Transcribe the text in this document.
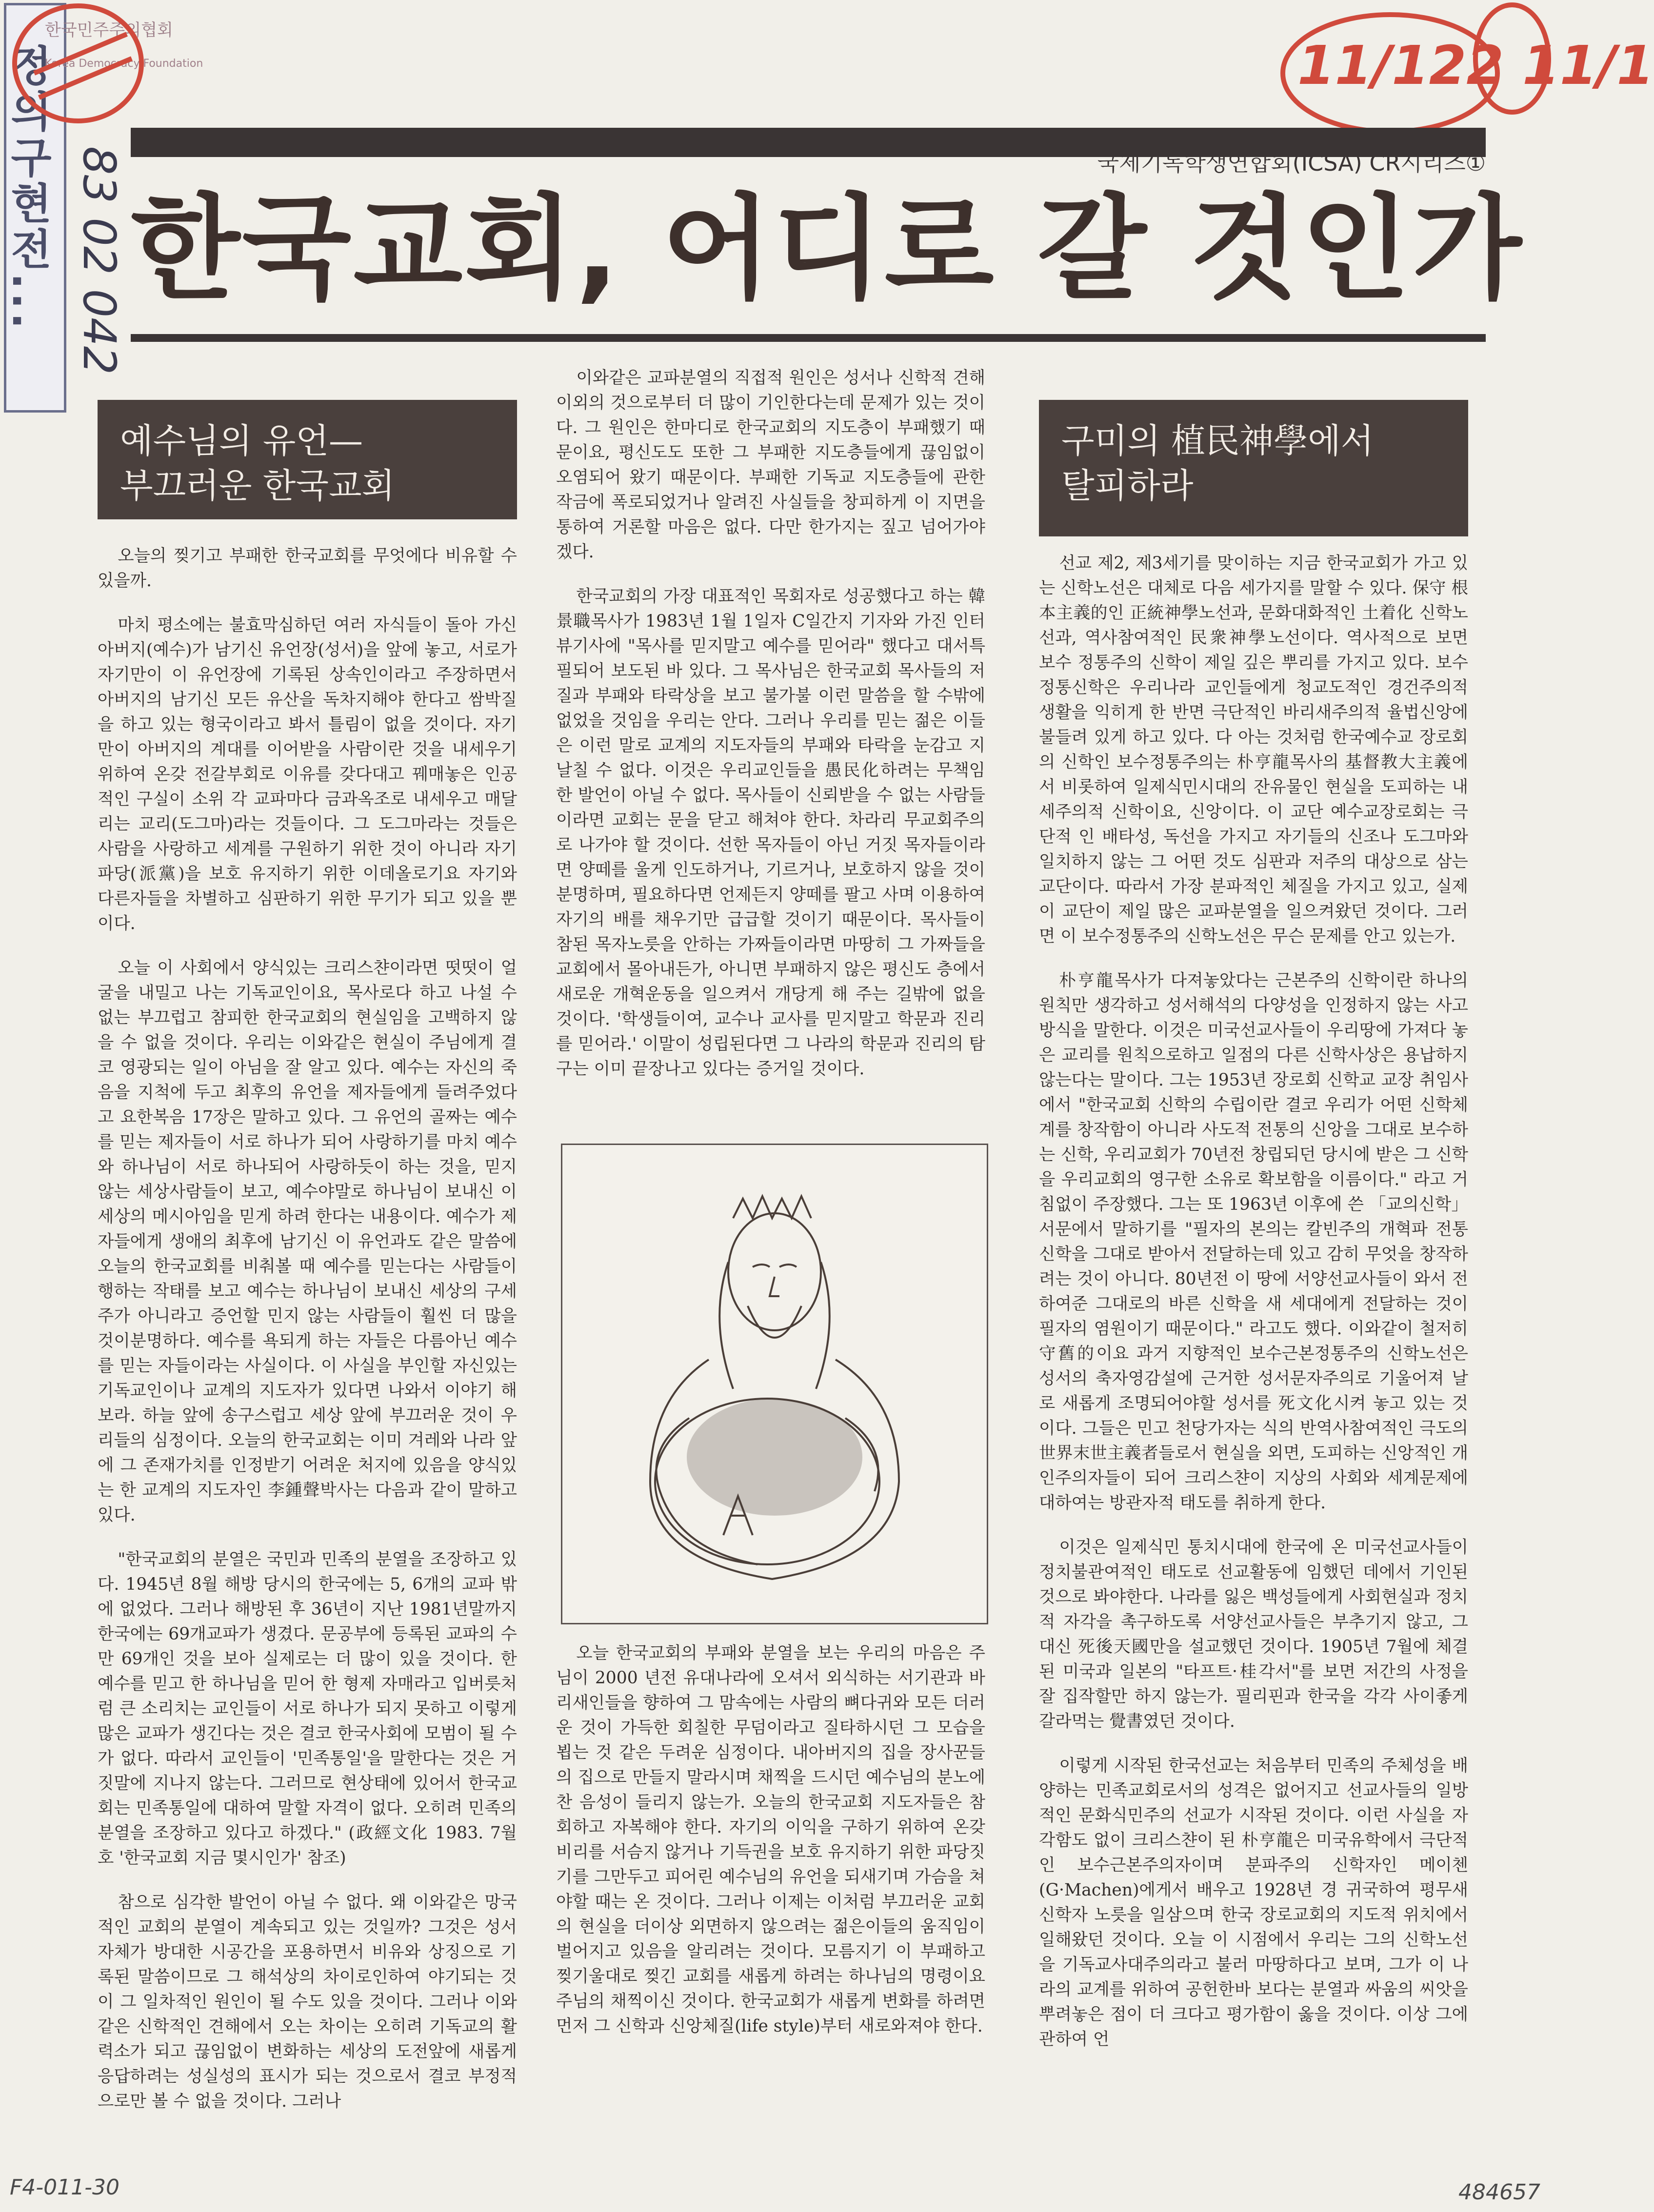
정의구현전... 83 02 042
한국민주주의협회
Korea Democracy Foundation	11/122 11/1
국제기독학생연합회(ICSA) CR시리즈①
한국교회, 어디로 갈 것인가
예수님의 유언—
부끄러운 한국교회

오늘의 찢기고 부패한 한국교회를 무엇에다 비유할 수 있을까.

마치 평소에는 불효막심하던 여러 자식들이 돌아 가신 아버지(예수)가 남기신 유언장(성서)을 앞에 놓고, 서로가 자기만이 이 유언장에 기록된 상속인이라고 주장하면서 아버지의 남기신 모든 유산을 독차지해야 한다고 쌈박질을 하고 있는 형국이라고 봐서 틀림이 없을 것이다. 자기만이 아버지의 계대를 이어받을 사람이란 것을 내세우기 위하여 온갖 전갈부회로 이유를 갖다대고 꿰매놓은 인공적인 구실이 소위 각 교파마다 금과옥조로 내세우고 매달리는 교리(도그마)라는 것들이다. 그 도그마라는 것들은 사람을 사랑하고 세계를 구원하기 위한 것이 아니라 자기파당(派黨)을 보호 유지하기 위한 이데올로기요 자기와 다른자들을 차별하고 심판하기 위한 무기가 되고 있을 뿐이다.

오늘 이 사회에서 양식있는 크리스챤이라면 떳떳이 얼굴을 내밀고 나는 기독교인이요, 목사로다 하고 나설 수 없는 부끄럽고 참피한 한국교회의 현실임을 고백하지 않을 수 없을 것이다. 우리는 이와같은 현실이 주님에게 결코 영광되는 일이 아님을 잘 알고 있다. 예수는 자신의 죽음을 지척에 두고 최후의 유언을 제자들에게 들려주었다고 요한복음 17장은 말하고 있다. 그 유언의 골짜는 예수를 믿는 제자들이 서로 하나가 되어 사랑하기를 마치 예수와 하나님이 서로 하나되어 사랑하듯이 하는 것을, 믿지 않는 세상사람들이 보고, 예수야말로 하나님이 보내신 이 세상의 메시아임을 믿게 하려 한다는 내용이다. 예수가 제자들에게 생애의 최후에 남기신 이 유언과도 같은 말씀에 오늘의 한국교회를 비춰볼 때 예수를 믿는다는 사람들이 행하는 작태를 보고 예수는 하나님이 보내신 세상의 구세주가 아니라고 증언할 민지 않는 사람들이 훨씬 더 많을 것이분명하다. 예수를 욕되게 하는 자들은 다름아닌 예수를 믿는 자들이라는 사실이다. 이 사실을 부인할 자신있는 기독교인이나 교계의 지도자가 있다면 나와서 이야기 해보라. 하늘 앞에 송구스럽고 세상 앞에 부끄러운 것이 우리들의 심정이다. 오늘의 한국교회는 이미 겨레와 나라 앞에 그 존재가치를 인정받기 어려운 처지에 있음을 양식있는 한 교계의 지도자인 李鍾聲박사는 다음과 같이 말하고 있다.

"한국교회의 분열은 국민과 민족의 분열을 조장하고 있다. 1945년 8월 해방 당시의 한국에는 5, 6개의 교파 밖에 없었다. 그러나 해방된 후 36년이 지난 1981년말까지 한국에는 69개교파가 생겼다. 문공부에 등록된 교파의 수만 69개인 것을 보아 실제로는 더 많이 있을 것이다. 한 예수를 믿고 한 하나님을 믿어 한 형제 자매라고 입버릇처럼 큰 소리치는 교인들이 서로 하나가 되지 못하고 이렇게 많은 교파가 생긴다는 것은 결코 한국사회에 모범이 될 수가 없다. 따라서 교인들이 '민족통일'을 말한다는 것은 거짓말에 지나지 않는다. 그러므로 현상태에 있어서 한국교회는 민족통일에 대하여 말할 자격이 없다. 오히려 민족의 분열을 조장하고 있다고 하겠다." (政經文化 1983. 7월호 '한국교회 지금 몇시인가' 참조)

참으로 심각한 발언이 아닐 수 없다. 왜 이와같은 망국적인 교회의 분열이 계속되고 있는 것일까? 그것은 성서자체가 방대한 시공간을 포용하면서 비유와 상징으로 기록된 말씀이므로 그 해석상의 차이로인하여 야기되는 것이 그 일차적인 원인이 될 수도 있을 것이다. 그러나 이와같은 신학적인 견해에서 오는 차이는 오히려 기독교의 활력소가 되고 끊임없이 변화하는 세상의 도전앞에 새롭게 응답하려는 성실성의 표시가 되는 것으로서 결코 부정적으로만 볼 수 없을 것이다. 그러나

이와같은 교파분열의 직접적 원인은 성서나 신학적 견해 이외의 것으로부터 더 많이 기인한다는데 문제가 있는 것이다. 그 원인은 한마디로 한국교회의 지도층이 부패했기 때문이요, 평신도도 또한 그 부패한 지도층들에게 끊임없이 오염되어 왔기 때문이다. 부패한 기독교 지도층들에 관한 작금에 폭로되었거나 알려진 사실들을 창피하게 이 지면을 통하여 거론할 마음은 없다. 다만 한가지는 짚고 넘어가야겠다.

한국교회의 가장 대표적인 목회자로 성공했다고 하는 韓景職목사가 1983년 1월 1일자 C일간지 기자와 가진 인터뷰기사에 "목사를 믿지말고 예수를 믿어라" 했다고 대서특필되어 보도된 바 있다. 그 목사님은 한국교회 목사들의 저질과 부패와 타락상을 보고 불가불 이런 말씀을 할 수밖에 없었을 것임을 우리는 안다. 그러나 우리를 믿는 젊은 이들은 이런 말로 교계의 지도자들의 부패와 타락을 눈감고 지날칠 수 없다. 이것은 우리교인들을 愚民化하려는 무책임한 발언이 아닐 수 없다. 목사들이 신뢰받을 수 없는 사람들이라면 교회는 문을 닫고 해쳐야 한다. 차라리 무교회주의로 나가야 할 것이다. 선한 목자들이 아닌 거짓 목자들이라면 양떼를 울게 인도하거나, 기르거나, 보호하지 않을 것이 분명하며, 필요하다면 언제든지 양떼를 팔고 사며 이용하여 자기의 배를 채우기만 급급할 것이기 때문이다. 목사들이 참된 목자노릇을 안하는 가짜들이라면 마땅히 그 가짜들을 교회에서 몰아내든가, 아니면 부패하지 않은 평신도 층에서 새로운 개혁운동을 일으켜서 개당게 해 주는 길밖에 없을 것이다. '학생들이여, 교수나 교사를 믿지말고 학문과 진리를 믿어라.' 이말이 성립된다면 그 나라의 학문과 진리의 탐구는 이미 끝장나고 있다는 증거일 것이다.

오늘 한국교회의 부패와 분열을 보는 우리의 마음은 주님이 2000 년전 유대나라에 오셔서 외식하는 서기관과 바리새인들을 향하여 그 맘속에는 사람의 뼈다귀와 모든 더러운 것이 가득한 회칠한 무덤이라고 질타하시던 그 모습을 뵙는 것 같은 두려운 심정이다. 내아버지의 집을 장사꾼들의 집으로 만들지 말라시며 채찍을 드시던 예수님의 분노에 찬 음성이 들리지 않는가. 오늘의 한국교회 지도자들은 참회하고 자복해야 한다. 자기의 이익을 구하기 위하여 온갖 비리를 서슴지 않거나 기득권을 보호 유지하기 위한 파당짓기를 그만두고 피어린 예수님의 유언을 되새기며 가슴을 쳐야할 때는 온 것이다. 그러나 이제는 이처럼 부끄러운 교회의 현실을 더이상 외면하지 않으려는 젊은이들의 움직임이 벌어지고 있음을 알리려는 것이다. 모름지기 이 부패하고 찢기울대로 찢긴 교회를 새롭게 하려는 하나님의 명령이요 주님의 채찍이신 것이다. 한국교회가 새롭게 변화를 하려면 먼저 그 신학과 신앙체질(life style)부터 새로와져야 한다.

구미의 植民神學에서
탈피하라

선교 제2, 제3세기를 맞이하는 지금 한국교회가 가고 있는 신학노선은 대체로 다음 세가지를 말할 수 있다. 保守 根本主義的인 正統神學노선과, 문화대화적인 土着化 신학노선과, 역사참여적인 民衆神學노선이다. 역사적으로 보면 보수 정통주의 신학이 제일 깊은 뿌리를 가지고 있다. 보수정통신학은 우리나라 교인들에게 청교도적인 경건주의적 생활을 익히게 한 반면 극단적인 바리새주의적 율법신앙에 불들려 있게 하고 있다. 다 아는 것처럼 한국예수교 장로회의 신학인 보수정통주의는 朴亨龍목사의 基督教大主義에서 비롯하여 일제식민시대의 잔유물인 현실을 도피하는 내세주의적 신학이요, 신앙이다. 이 교단 예수교장로회는 극단적 인 배타성, 독선을 가지고 자기들의 신조나 도그마와 일치하지 않는 그 어떤 것도 심판과 저주의 대상으로 삼는 교단이다. 따라서 가장 분파적인 체질을 가지고 있고, 실제 이 교단이 제일 많은 교파분열을 일으켜왔던 것이다. 그러면 이 보수정통주의 신학노선은 무슨 문제를 안고 있는가.

朴亨龍목사가 다져놓았다는 근본주의 신학이란 하나의 원칙만 생각하고 성서해석의 다양성을 인정하지 않는 사고방식을 말한다. 이것은 미국선교사들이 우리땅에 가져다 놓은 교리를 원칙으로하고 일점의 다른 신학사상은 용납하지 않는다는 말이다. 그는 1953년 장로회 신학교 교장 취임사에서 "한국교회 신학의 수립이란 결코 우리가 어떤 신학체계를 창작함이 아니라 사도적 전통의 신앙을 그대로 보수하는 신학, 우리교회가 70년전 창립되던 당시에 받은 그 신학을 우리교회의 영구한 소유로 확보함을 이름이다." 라고 거침없이 주장했다. 그는 또 1963년 이후에 쓴 「교의신학」서문에서 말하기를 "필자의 본의는 칼빈주의 개혁파 전통 신학을 그대로 받아서 전달하는데 있고 감히 무엇을 창작하려는 것이 아니다. 80년전 이 땅에 서양선교사들이 와서 전하여준 그대로의 바른 신학을 새 세대에게 전달하는 것이 필자의 염원이기 때문이다." 라고도 했다. 이와같이 철저히 守舊的이요 과거 지향적인 보수근본정통주의 신학노선은 성서의 축자영감설에 근거한 성서문자주의로 기울어져 날로 새롭게 조명되어야할 성서를 死文化시켜 놓고 있는 것이다. 그들은 민고 천당가자는 식의 반역사참여적인 극도의 世界末世主義者들로서 현실을 외면, 도피하는 신앙적인 개인주의자들이 되어 크리스챤이 지상의 사회와 세계문제에 대하여는 방관자적 태도를 취하게 한다.

이것은 일제식민 통치시대에 한국에 온 미국선교사들이 정치불관여적인 태도로 선교활동에 임했던 데에서 기인된 것으로 봐야한다. 나라를 잃은 백성들에게 사회현실과 정치적 자각을 촉구하도록 서양선교사들은 부추기지 않고, 그 대신 死後天國만을 설교했던 것이다. 1905년 7월에 체결된 미국과 일본의 "타프트·桂각서"를 보면 저간의 사정을 잘 집작할만 하지 않는가. 필리핀과 한국을 각각 사이좋게 갈라먹는 覺書였던 것이다.

이렇게 시작된 한국선교는 처음부터 민족의 주체성을 배양하는 민족교회로서의 성격은 없어지고 선교사들의 일방적인 문화식민주의 선교가 시작된 것이다. 이런 사실을 자각함도 없이 크리스챤이 된 朴亨龍은 미국유학에서 극단적인 보수근본주의자이며 분파주의 신학자인 메이첸(G·Machen)에게서 배우고 1928년 경 귀국하여 평무새 신학자 노릇을 일삼으며 한국 장로교회의 지도적 위치에서 일해왔던 것이다. 오늘 이 시점에서 우리는 그의 신학노선을 기독교사대주의라고 불러 마땅하다고 보며, 그가 이 나라의 교계를 위하여 공헌한바 보다는 분열과 싸움의 씨앗을 뿌려놓은 점이 더 크다고 평가함이 옳을 것이다. 이상 그에 관하여 언

F4-011-30	484657
